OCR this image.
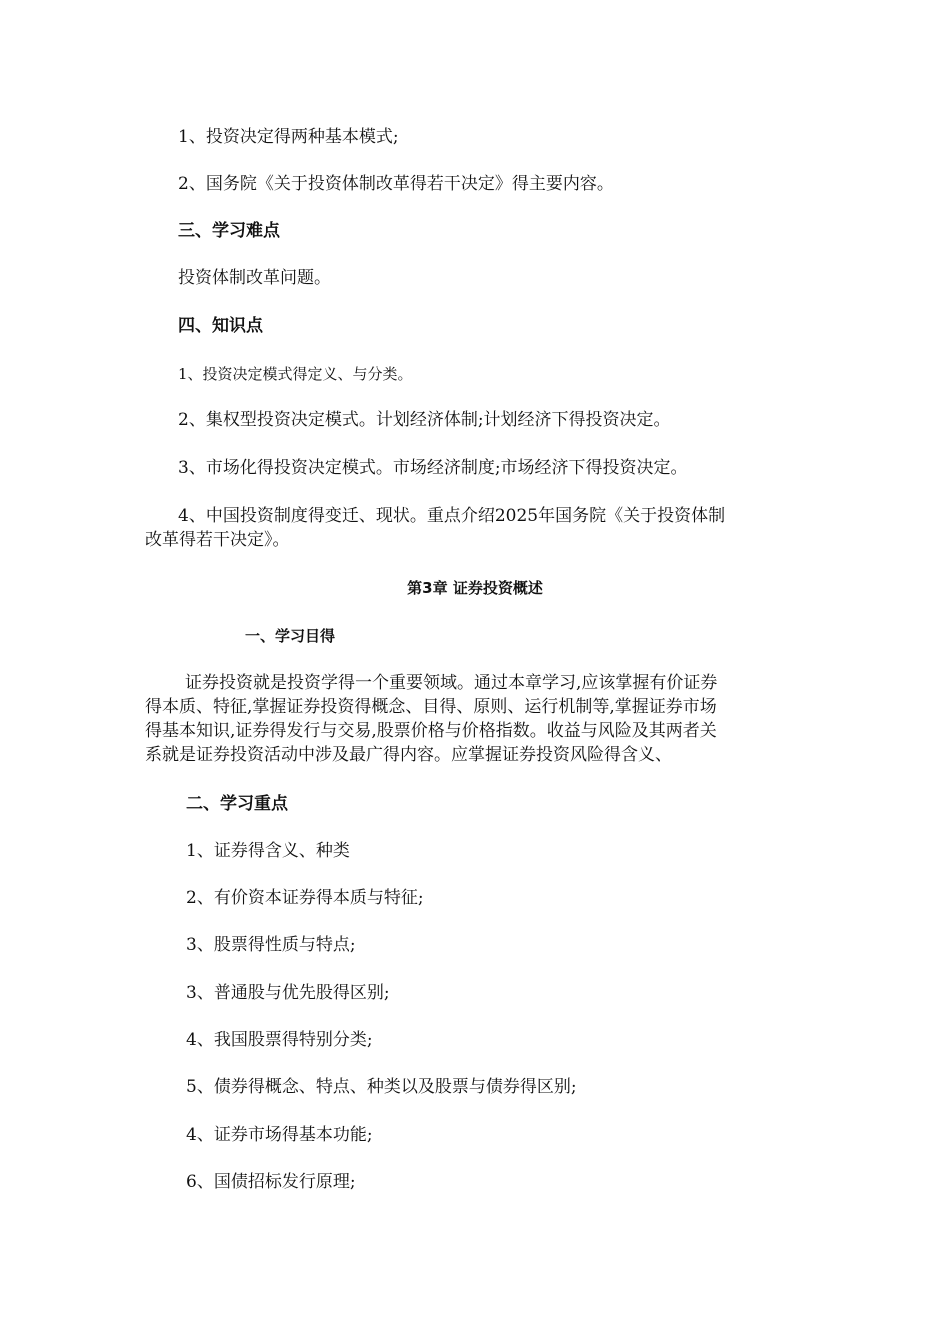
1、投资决定得两种基本模式;
2、国务院《关于投资体制改革得若干决定》得主要内容。
三、学习难点
投资体制改革问题。
四、知识点
1、投资决定模式得定义、与分类。
2、集权型投资决定模式。计划经济体制;计划经济下得投资决定。
3、市场化得投资决定模式。市场经济制度;市场经济下得投资决定。
4、中国投资制度得变迁、现状。重点介绍2025年国务院《关于投资体制
改革得若干决定》。
第3章 证券投资概述
一、学习目得
证券投资就是投资学得一个重要领域。通过本章学习,应该掌握有价证券
得本质、特征,掌握证券投资得概念、目得、原则、运行机制等,掌握证券市场
得基本知识,证券得发行与交易,股票价格与价格指数。收益与风险及其两者关
系就是证券投资活动中涉及最广得内容。应掌握证券投资风险得含义、
二、学习重点
1、证券得含义、种类
2、有价资本证券得本质与特征;
3、股票得性质与特点;
3、普通股与优先股得区别;
4、我国股票得特别分类;
5、债券得概念、特点、种类以及股票与债券得区别;
4、证券市场得基本功能;
6、国债招标发行原理;
